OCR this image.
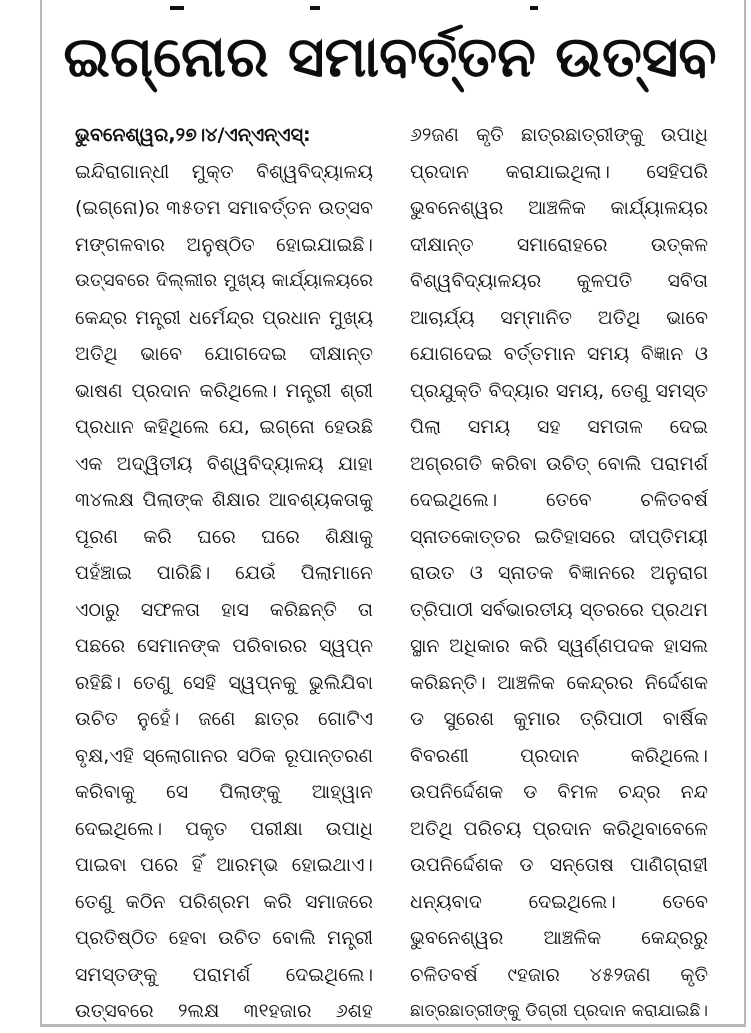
ଇଗ୍ନୋର ସମାବର୍ତ୍ତନ ଉତ୍ସବ
ଭୁବନେଶ୍ୱର,୨୭।୪/ଏନ୍‌ଏନ୍‌ଏସ୍:
ଇନ୍ଦିରାଗାନ୍ଧୀ ମୁକ୍ତ ବିଶ୍ୱବିଦ୍ୟାଳୟ
(ଇଗ୍ନୋ)ର ୩୫ତମ ସମାବର୍ତ୍ତନ ଉତ୍ସବ
ମଙ୍ଗଳବାର ଅନୁଷ୍ଠିତ ହୋଇଯାଇଛି।
ଉତ୍ସବରେ ଦିଲ୍ଲୀର ମୁଖ୍ୟ କାର୍ଯ୍ୟାଳୟରେ
କେନ୍ଦ୍ର ମନ୍ତ୍ରୀ ଧର୍ମେନ୍ଦ୍ର ପ୍ରଧାନ ମୁଖ୍ୟ
ଅତିଥି ଭାବେ ଯୋଗଦେଇ ଦୀକ୍ଷାନ୍ତ
ଭାଷଣ ପ୍ରଦାନ କରିଥିଲେ। ମନ୍ତ୍ରୀ ଶ୍ରୀ
ପ୍ରଧାନ କହିଥିଲେ ଯେ, ଇଗ୍ନୋ ହେଉଛି
ଏକ ଅଦ୍ୱିତୀୟ ବିଶ୍ୱବିଦ୍ୟାଳୟ ଯାହା
୩୪ଲକ୍ଷ ପିଲାଙ୍କ ଶିକ୍ଷାର ଆବଶ୍ୟକତାକୁ
ପୂରଣ କରି ଘରେ ଘରେ ଶିକ୍ଷାକୁ
ପହଁଞ୍ଚାଇ ପାରିଛି। ଯେଉଁ ପିଲାମାନେ
ଏଠାରୁ ସଫଳତା ହାସ କରିଛନ୍ତି ତା
ପଛରେ ସେମାନଙ୍କ ପରିବାରର ସ୍ୱପ୍ନ
ରହିଛି। ତେଣୁ ସେହି ସ୍ୱପ୍ନକୁ ଭୁଲିଯିବା
ଉଚିତ ନୁହେଁ। ଜଣେ ଛାତ୍ର ଗୋଟିଏ
ବୃକ୍ଷ,ଏହି ସ୍ଲୋଗାନର ସଠିକ ରୂପାନ୍ତରଣ
କରିବାକୁ ସେ ପିଲାଙ୍କୁ ଆହ୍ୱାନ
ଦେଇଥିଲେ। ପକୃତ ପରୀକ୍ଷା ଉପାଧି
ପାଇବା ପରେ ହିଁ ଆରମ୍ଭ ହୋଇଥାଏ।
ତେଣୁ କଠିନ ପରିଶ୍ରମ କରି ସମାଜରେ
ପ୍ରତିଷ୍ଠିତ ହେବା ଉଚିତ ବୋଲି ମନ୍ତ୍ରୀ
ସମସ୍ତଙ୍କୁ ପରାମର୍ଶ ଦେଇଥିଲେ।
ଉତ୍ସବରେ ୨ଲକ୍ଷ ୩୧ହଜାର ୬ଶହ
୬୨ଜଣ କୃତି ଛାତ୍ରଛାତ୍ରୀଙ୍କୁ ଉପାଧି
ପ୍ରଦାନ କରାଯାଇଥିଲା। ସେହିପରି
ଭୁବନେଶ୍ୱର ଆଞ୍ଚଳିକ କାର୍ଯ୍ୟାଳୟର
ଦୀକ୍ଷାନ୍ତ ସମାରୋହରେ ଉତ୍କଳ
ବିଶ୍ୱବିଦ୍ୟାଳୟର କୁଳପତି ସବିତା
ଆଚାର୍ଯ୍ୟ ସମ୍ମାନିତ ଅତିଥି ଭାବେ
ଯୋଗଦେଇ ବର୍ତ୍ତମାନ ସମୟ ବିଜ୍ଞାନ ଓ
ପ୍ରଯୁକ୍ତି ବିଦ୍ୟାର ସମୟ, ତେଣୁ ସମସ୍ତ
ପିଲା ସମୟ ସହ ସମତାଳ ଦେଇ
ଅଗ୍ରଗତି କରିବା ଉଚିତ୍ ବୋଲି ପରାମର୍ଶ
ଦେଇଥିଲେ। ତେବେ ଚଳିତବର୍ଷ
ସ୍ନାତକୋତ୍ତର ଇତିହାସରେ ଦୀପ୍ତିମୟୀ
ରାଉତ ଓ ସ୍ନାତକ ବିଜ୍ଞାନରେ ଅନୁରାଗ
ତ୍ରିପାଠୀ ସର୍ବଭାରତୀୟ ସ୍ତରରେ ପ୍ରଥମ
ସ୍ଥାନ ଅଧିକାର କରି ସ୍ୱର୍ଣ୍ଣପଦକ ହାସଲ
କରିଛନ୍ତି। ଆଞ୍ଚଳିକ କେନ୍ଦ୍ରର ନିର୍ଦ୍ଦେଶକ
ଡ ସୁରେଶ କୁମାର ତ୍ରିପାଠୀ ବାର୍ଷିକ
ବିବରଣୀ ପ୍ରଦାନ କରିଥିଲେ।
ଉପନିର୍ଦ୍ଦେଶକ ଡ ବିମଳ ଚନ୍ଦ୍ର ନନ୍ଦ
ଅତିଥି ପରିଚୟ ପ୍ରଦାନ କରିଥିବାବେଳେ
ଉପନିର୍ଦ୍ଦେଶକ ଡ ସନ୍ତୋଷ ପାଣିଗ୍ରାହୀ
ଧନ୍ୟବାଦ ଦେଇଥିଲେ। ତେବେ
ଭୁବନେଶ୍ୱର ଆଞ୍ଚଳିକ କେନ୍ଦ୍ରରୁ
ଚଳିତବର୍ଷ ୯ହଜାର ୪୫୨ଜଣ କୃତି
ଛାତ୍ରଛାତ୍ରୀଙ୍କୁ ଡିଗ୍ରୀ ପ୍ରଦାନ କରାଯାଇଛି।
